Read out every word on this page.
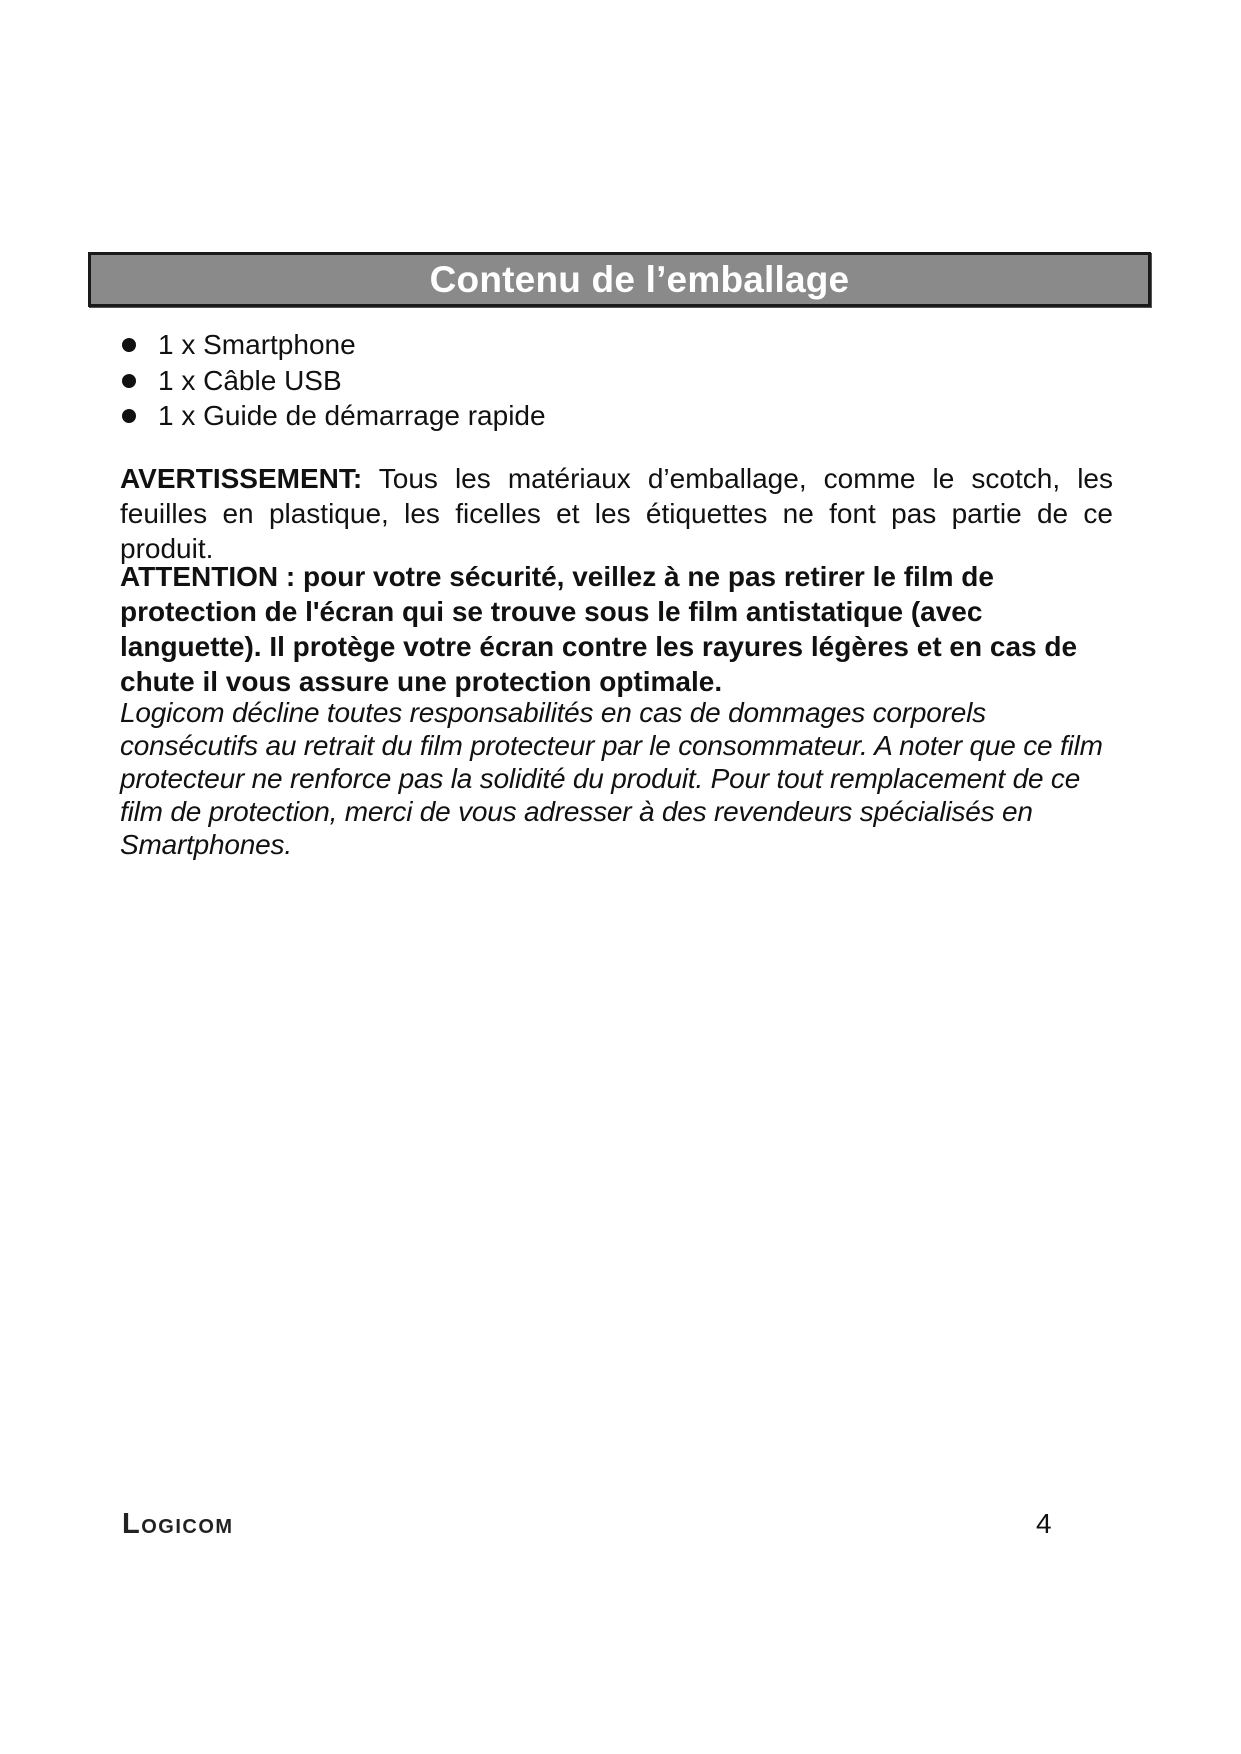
Contenu de l’emballage
1 x Smartphone
1 x Câble USB
1 x Guide de démarrage rapide

AVERTISSEMENT: Tous les matériaux d’emballage, comme le scotch, les feuilles en plastique, les ficelles et les étiquettes ne font pas partie de ce produit.

ATTENTION : pour votre sécurité, veillez à ne pas retirer le film de protection de l'écran qui se trouve sous le film antistatique (avec languette). Il protège votre écran contre les rayures légères et en cas de chute il vous assure une protection optimale.

Logicom décline toutes responsabilités en cas de dommages corporels consécutifs au retrait du film protecteur par le consommateur. A noter que ce film protecteur ne renforce pas la solidité du produit. Pour tout remplacement de ce film de protection, merci de vous adresser à des revendeurs spécialisés en Smartphones.

Logicom	4
